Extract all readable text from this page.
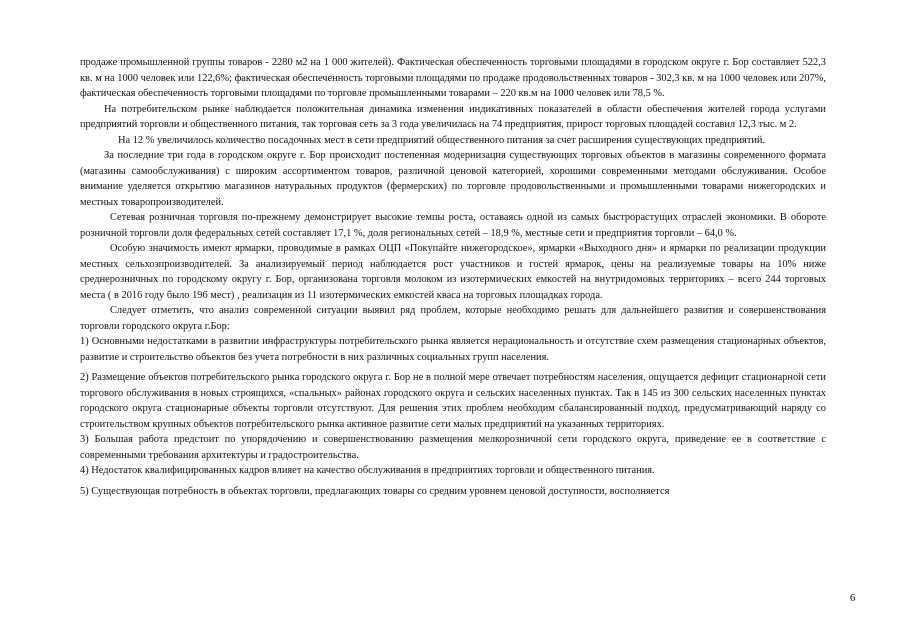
продаже промышленной группы товаров - 2280 м2 на 1 000 жителей). Фактическая обеспеченность торговыми площадями в городском округе г. Бор составляет 522,3 кв. м на 1000 человек или 122,6%; фактическая обеспеченность торговыми площадями по продаже продовольственных товаров - 302,3 кв. м на 1000 человек или 207%, фактическая обеспеченность торговыми площадями по торговле промышленными товарами – 220 кв.м на 1000 человек или 78,5 %.

На потребительском рынке наблюдается положительная динамика изменения индикативных показателей в области обеспечения жителей города услугами предприятий торговли и общественного питания, так торговая сеть за 3 года увеличилась на 74 предприятия, прирост торговых площадей составил 12,3 тыс. м 2.

На 12 % увеличилось количество посадочных мест в сети предприятий общественного питания за счет расширения существующих предприятий.

За последние три года в городском округе г. Бор происходит постепенная модернизация существующих торговых объектов в магазины современного формата (магазины самообслуживания) с широким ассортиментом товаров, различной ценовой категорией, хорошими современными методами обслуживания. Особое внимание уделяется открытию магазинов натуральных продуктов (фермерских) по торговле продовольственными и промышленными товарами нижегородских и местных товаропроизводителей.

Сетевая розничная торговля по-прежнему демонстрирует высокие темпы роста, оставаясь одной из самых быстрорастущих отраслей экономики. В обороте розничной торговли доля федеральных сетей составляет 17,1 %, доля региональных сетей – 18,9 %, местные сети и предприятия торговли – 64,0 %.

Особую значимость имеют ярмарки, проводимые в рамках ОЦП «Покупайте нижегородское», ярмарки «Выходного дня» и ярмарки по реализации продукции местных сельхозпроизводителей. За анализируемый период наблюдается рост участников и гостей ярмарок, цены на реализуемые товары на 10% ниже среднерозничных по городскому округу г. Бор, организована торговля молоком из изотермических емкостей на внутридомовых территориях – всего 244 торговых места ( в 2016 году было 196 мест) , реализация из 11 изотермических емкостей кваса на торговых площадках города.

Следует отметить, что анализ современной ситуации выявил ряд проблем, которые необходимо решать для дальнейшего развития и совершенствования торговли городского округа г.Бор:

1) Основными недостатками в развитии инфраструктуры потребительского рынка является нерациональность и отсутствие схем размещения стационарных объектов, развитие и строительство объектов без учета потребности в них различных социальных групп населения.

2) Размещение объектов потребительского рынка городского округа г. Бор не в полной мере отвечает потребностям населения, ощущается дефицит стационарной сети торгового обслуживания в новых строящихся, «спальных» районах городского округа и сельских населенных пунктах. Так в 145 из 300 сельских населенных пунктах городского округа стационарные объекты торговли отсутствуют. Для решения этих проблем необходим сбалансированный подход, предусматривающий наряду со строительством крупных объектов потребительского рынка активное развитие сети малых предприятий на указанных территориях.

3) Большая работа предстоит по упорядочению и совершенствованию размещения мелкорозничной сети городского округа, приведение ее в соответствие с современными требования архитектуры и градостроительства.

4) Недостаток квалифицированных кадров влияет на качество обслуживания в предприятиях торговли и общественного питания.

5) Существующая потребность в объектах торговли, предлагающих товары со средним уровнем ценовой доступности, восполняется

6
